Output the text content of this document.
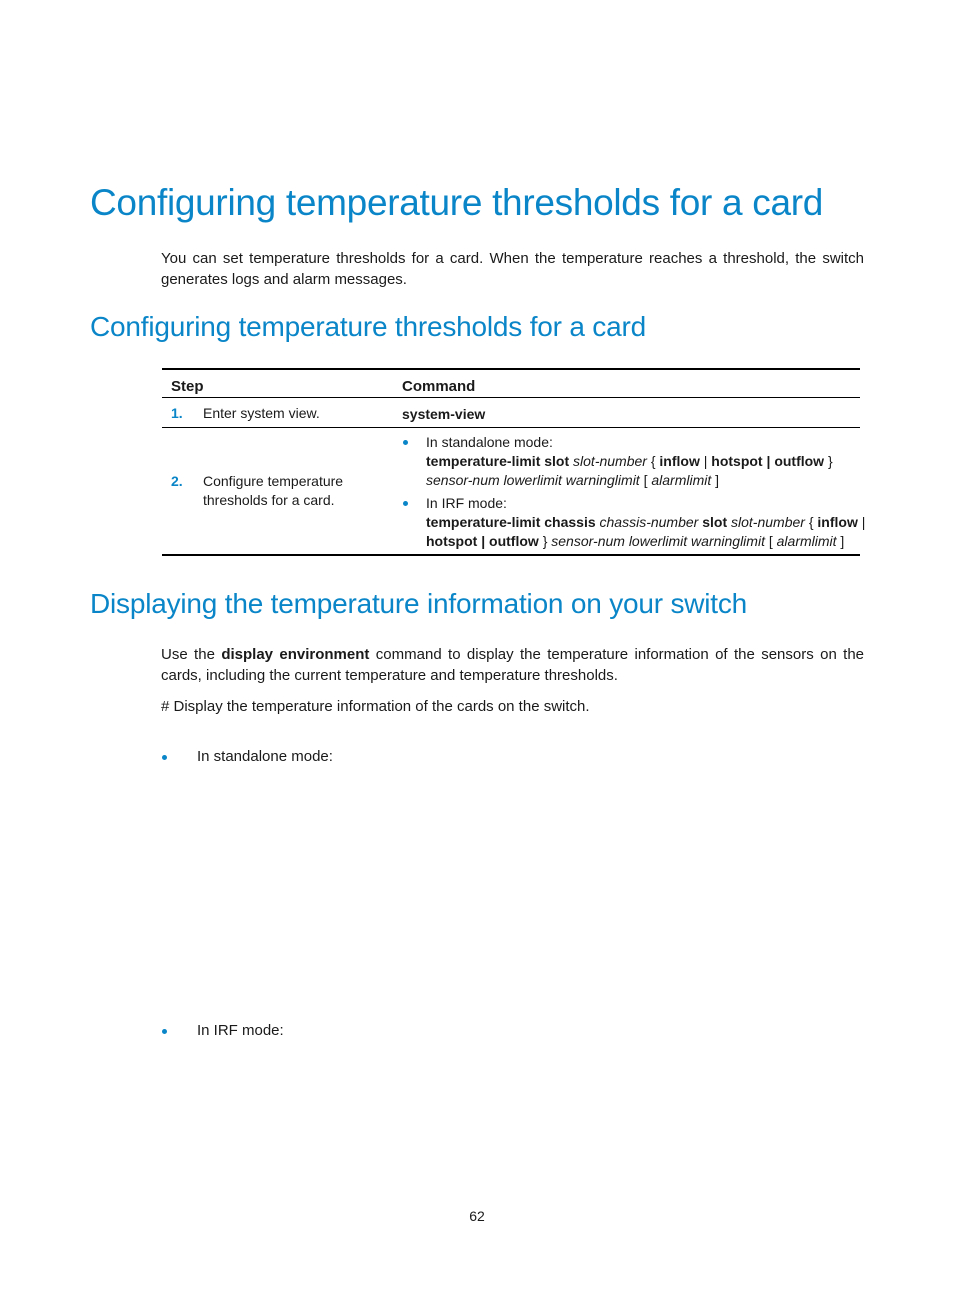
Configuring temperature thresholds for a card

You can set temperature thresholds for a card. When the temperature reaches a threshold, the switch generates logs and alarm messages.

Configuring temperature thresholds for a card
Step	Command
1. Enter system view.	system-view
2. Configure temperature
thresholds for a card.
In standalone mode:
temperature-limit slot slot-number { inflow | hotspot | outflow }
sensor-num lowerlimit warninglimit [ alarmlimit ]
In IRF mode:
temperature-limit chassis chassis-number slot slot-number { inflow |
hotspot | outflow } sensor-num lowerlimit warninglimit [ alarmlimit ]
Displaying the temperature information on your switch

Use the display environment command to display the temperature information of the sensors on the cards, including the current temperature and temperature thresholds.

# Display the temperature information of the cards on the switch.

In standalone mode:
In IRF mode:
62
